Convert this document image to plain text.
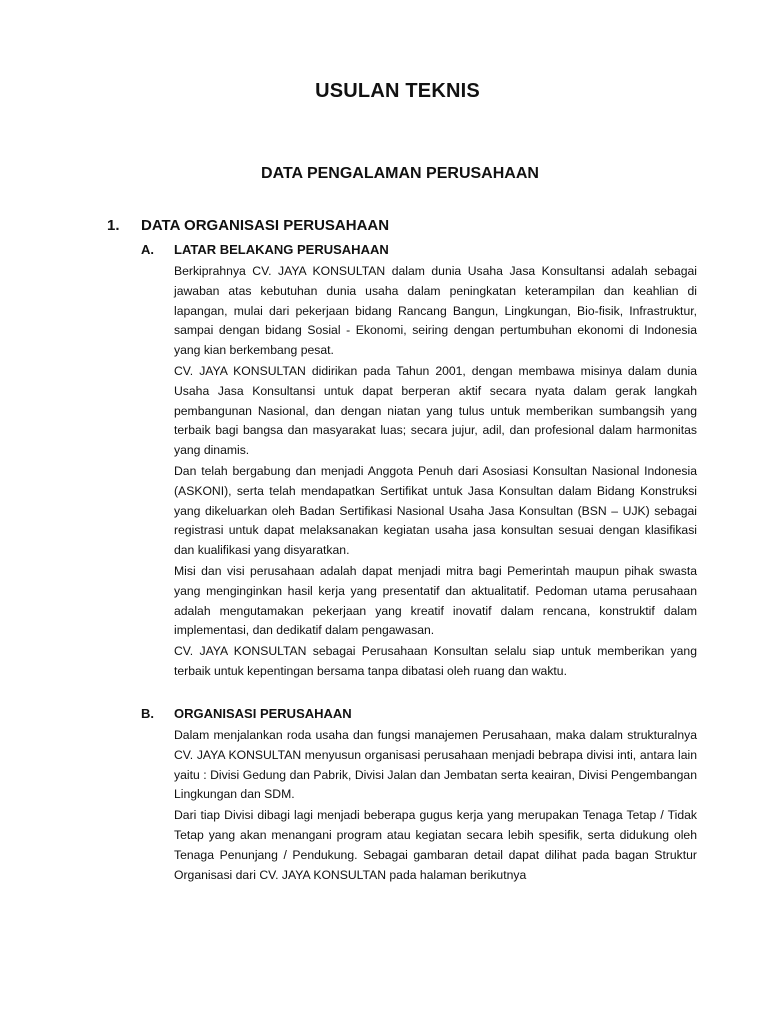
USULAN TEKNIS
DATA PENGALAMAN PERUSAHAAN
1. DATA ORGANISASI PERUSAHAAN
A. LATAR BELAKANG PERUSAHAAN

Berkiprahnya CV. JAYA KONSULTAN dalam dunia Usaha Jasa Konsultansi adalah sebagai jawaban atas kebutuhan dunia usaha dalam peningkatan keterampilan dan keahlian di lapangan, mulai dari pekerjaan bidang Rancang Bangun, Lingkungan, Bio-fisik, Infrastruktur, sampai dengan bidang Sosial - Ekonomi, seiring dengan pertumbuhan ekonomi di Indonesia yang kian berkembang pesat.

CV. JAYA KONSULTAN didirikan pada Tahun 2001, dengan membawa misinya dalam dunia Usaha Jasa Konsultansi untuk dapat berperan aktif secara nyata dalam gerak langkah pembangunan Nasional, dan dengan niatan yang tulus untuk memberikan sumbangsih yang terbaik bagi bangsa dan masyarakat luas; secara jujur, adil, dan profesional dalam harmonitas yang dinamis.

Dan telah bergabung dan menjadi Anggota Penuh dari Asosiasi Konsultan Nasional Indonesia (ASKONI), serta telah mendapatkan Sertifikat untuk Jasa Konsultan dalam Bidang Konstruksi yang dikeluarkan oleh Badan Sertifikasi Nasional Usaha Jasa Konsultan (BSN – UJK) sebagai registrasi untuk dapat melaksanakan kegiatan usaha jasa konsultan sesuai dengan klasifikasi dan kualifikasi yang disyaratkan.

Misi dan visi perusahaan adalah dapat menjadi mitra bagi Pemerintah maupun pihak swasta yang menginginkan hasil kerja yang presentatif dan aktualitatif. Pedoman utama perusahaan adalah mengutamakan pekerjaan yang kreatif inovatif dalam rencana, konstruktif dalam implementasi, dan dedikatif dalam pengawasan.

CV. JAYA KONSULTAN sebagai Perusahaan Konsultan selalu siap untuk memberikan yang terbaik untuk kepentingan bersama tanpa dibatasi oleh ruang dan waktu.

B. ORGANISASI PERUSAHAAN

Dalam menjalankan roda usaha dan fungsi manajemen Perusahaan, maka dalam strukturalnya CV. JAYA KONSULTAN menyusun organisasi perusahaan menjadi bebrapa divisi inti, antara lain yaitu : Divisi Gedung dan Pabrik, Divisi Jalan dan Jembatan serta keairan, Divisi Pengembangan Lingkungan dan SDM.

Dari tiap Divisi dibagi lagi menjadi beberapa gugus kerja yang merupakan Tenaga Tetap / Tidak Tetap yang akan menangani program atau kegiatan secara lebih spesifik, serta didukung oleh Tenaga Penunjang / Pendukung. Sebagai gambaran detail dapat dilihat pada bagan Struktur Organisasi dari CV. JAYA KONSULTAN pada halaman berikutnya
